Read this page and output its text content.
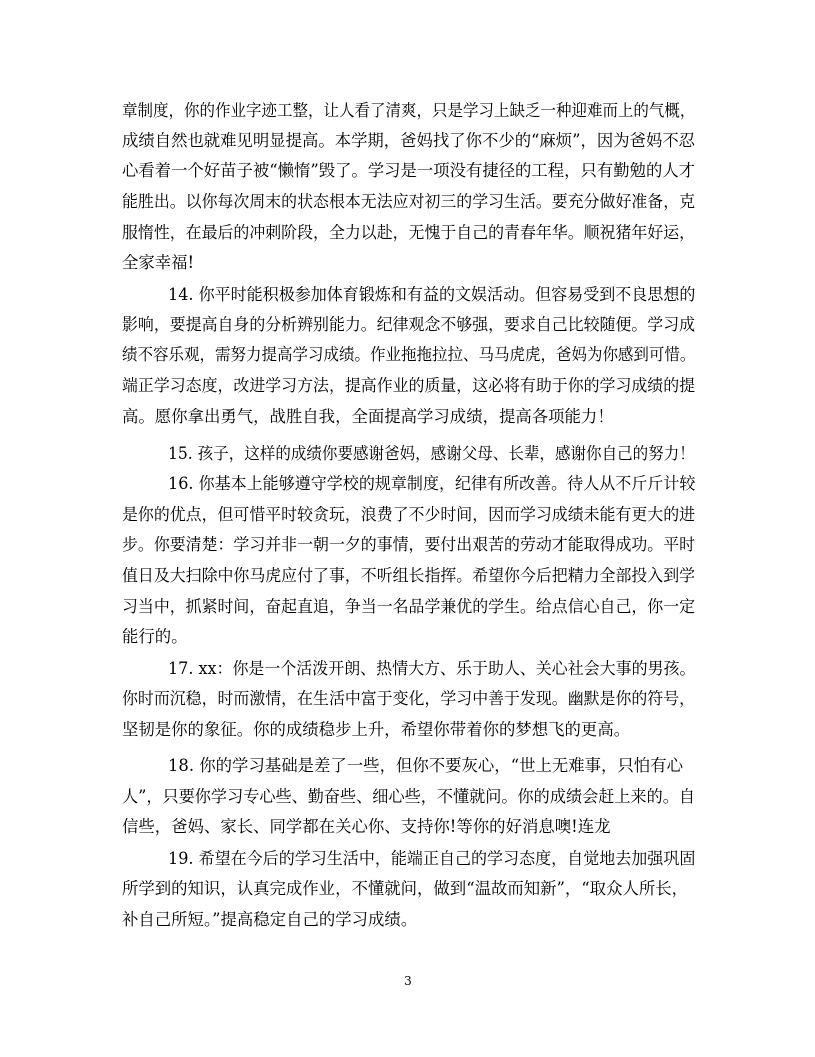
章制度，你的作业字迹工整，让人看了清爽，只是学习上缺乏一种迎难而上的气概，
成绩自然也就难见明显提高。本学期，爸妈找了你不少的“麻烦”，因为爸妈不忍
心看着一个好苗子被“懒惰”毁了。学习是一项没有捷径的工程，只有勤勉的人才
能胜出。以你每次周末的状态根本无法应对初三的学习生活。要充分做好准备，克
服惰性，在最后的冲刺阶段，全力以赴，无愧于自己的青春年华。顺祝猪年好运，
全家幸福!
14. 你平时能积极参加体育锻炼和有益的文娱活动。但容易受到不良思想的
影响，要提高自身的分析辨别能力。纪律观念不够强，要求自己比较随便。学习成
绩不容乐观，需努力提高学习成绩。作业拖拖拉拉、马马虎虎，爸妈为你感到可惜。
端正学习态度，改进学习方法，提高作业的质量，这必将有助于你的学习成绩的提
高。愿你拿出勇气，战胜自我，全面提高学习成绩，提高各项能力！
15. 孩子，这样的成绩你要感谢爸妈，感谢父母、长辈，感谢你自己的努力！
16. 你基本上能够遵守学校的规章制度，纪律有所改善。待人从不斤斤计较
是你的优点，但可惜平时较贪玩，浪费了不少时间，因而学习成绩未能有更大的进
步。你要清楚：学习并非一朝一夕的事情，要付出艰苦的劳动才能取得成功。平时
值日及大扫除中你马虎应付了事，不听组长指挥。希望你今后把精力全部投入到学
习当中，抓紧时间，奋起直追，争当一名品学兼优的学生。给点信心自己，你一定
能行的。
17. xx：你是一个活泼开朗、热情大方、乐于助人、关心社会大事的男孩。
你时而沉稳，时而激情，在生活中富于变化，学习中善于发现。幽默是你的符号，
坚韧是你的象征。你的成绩稳步上升，希望你带着你的梦想飞的更高。
18. 你的学习基础是差了一些，但你不要灰心，“世上无难事，只怕有心
人”，只要你学习专心些、勤奋些、细心些，不懂就问。你的成绩会赶上来的。自
信些，爸妈、家长、同学都在关心你、支持你!等你的好消息噢!连龙
19. 希望在今后的学习生活中，能端正自己的学习态度，自觉地去加强巩固
所学到的知识，认真完成作业，不懂就问，做到“温故而知新”，“取众人所长，
补自己所短。”提高稳定自己的学习成绩。
3
